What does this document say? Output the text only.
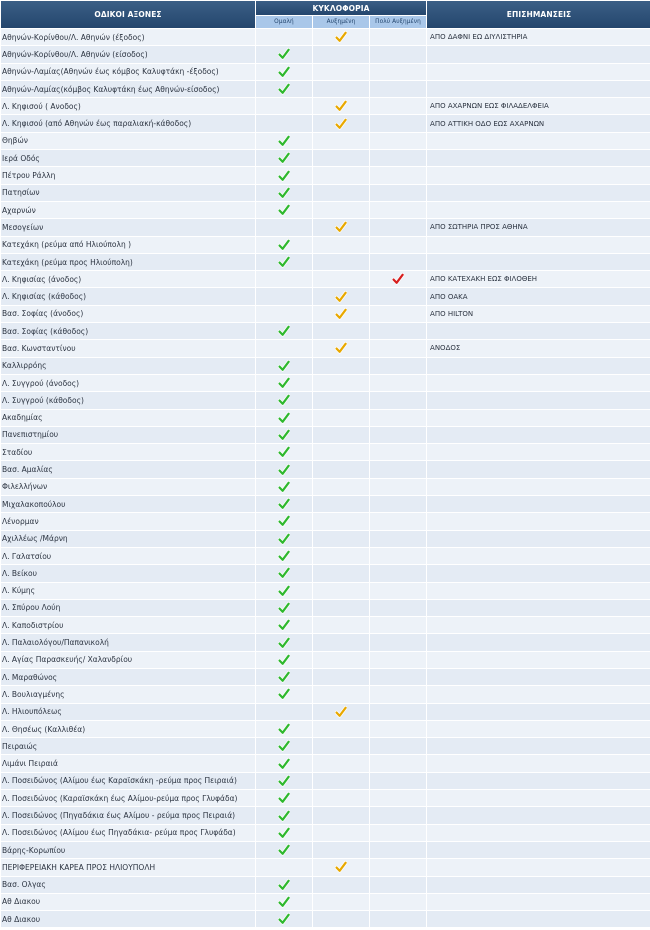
ΟΔΙΚΟΙ ΑΞΟΝΕΣ	ΚΥΚΛΟΦΟΡΙΑ			ΕΠΙΣΗΜΑΝΣΕΙΣ
	Ομαλή	Αυξημένη	Πολύ Αυξημένη	
Αθηνών-Κορίνθου/Λ. Αθηνών (έξοδος)				ΑΠΟ ΔΑΦΝΙ ΕΩ ΔΙΥΛΙΣΤΗΡΙΑ
Αθηνών-Κορίνθου/Λ. Αθηνών (είσοδος)				
Αθηνών-Λαμίας(Αθηνών έως κόμβος Καλυφτάκη -έξοδος)				
Αθηνών-Λαμίας(κόμβος Καλυφτάκη έως Αθηνών-είσοδος)				
Λ. Κηφισού ( Ανοδος)				ΑΠΟ ΑΧΑΡΝΩΝ ΕΩΣ ΦΙΛΑΔΕΛΦΕΙΑ
Λ. Κηφισού (από Αθηνών έως παραλιακή-κάθοδος)				ΑΠΟ ΑΤΤΙΚΗ ΟΔΟ ΕΩΣ ΑΧΑΡΝΩΝ
Θηβών				
Ιερά Οδός				
Πέτρου Ράλλη				
Πατησίων				
Αχαρνών				
Μεσογείων				ΑΠΟ ΣΩΤΗΡΙΑ ΠΡΟΣ ΑΘΗΝΑ
Κατεχάκη (ρεύμα από Ηλιούπολη )				
Κατεχάκη (ρεύμα προς Ηλιούπολη)				
Λ. Κηφισίας (άνοδος)				ΑΠΟ ΚΑΤΕΧΑΚΗ ΕΩΣ ΦΙΛΟΘΕΗ
Λ. Κηφισίας (κάθοδος)				ΑΠΟ ΟΑΚΑ
Βασ. Σοφίας (άνοδος)				ΑΠΟ HILTON
Βασ. Σοφίας (κάθοδος)				
Βασ. Κωνσταντίνου				ΑΝΟΔΟΣ
Καλλιρρόης				
Λ. Συγγρού (άνοδος)				
Λ. Συγγρού (κάθοδος)				
Ακαδημίας				
Πανεπιστημίου				
Σταδίου				
Βασ. Αμαλίας				
Φιλελλήνων				
Μιχαλακοπούλου				
Λένορμαν				
Αχιλλέως /Μάρνη				
Λ. Γαλατσίου				
Λ. Βείκου				
Λ. Κύμης				
Λ. Σπύρου Λούη				
Λ. Καποδιστρίου				
Λ. Παλαιολόγου/Παπανικολή				
Λ. Αγίας Παρασκευής/ Χαλανδρίου				
Λ. Μαραθώνος				
Λ. Βουλιαγμένης				
Λ. Ηλιουπόλεως				
Λ. Θησέως (Καλλιθέα)				
Πειραιώς				
Λιμάνι Πειραιά				
Λ. Ποσειδώνος (Αλίμου έως Καραϊσκάκη -ρεύμα προς Πειραιά)				
Λ. Ποσειδώνος (Καραϊσκάκη έως Αλίμου-ρεύμα προς Γλυφάδα)				
Λ. Ποσειδώνος (Πηγαδάκια έως Αλίμου - ρεύμα προς Πειραιά)				
Λ. Ποσειδώνος (Αλίμου έως Πηγαδάκια- ρεύμα προς Γλυφάδα)				
Βάρης-Κορωπίου				
ΠΕΡΙΦΕΡΕΙΑΚΗ ΚΑΡΕΑ ΠΡΟΣ ΗΛΙΟΥΠΟΛΗ				
Βασ. Ολγας				
Αθ Διακου				
Αθ Διακου				
